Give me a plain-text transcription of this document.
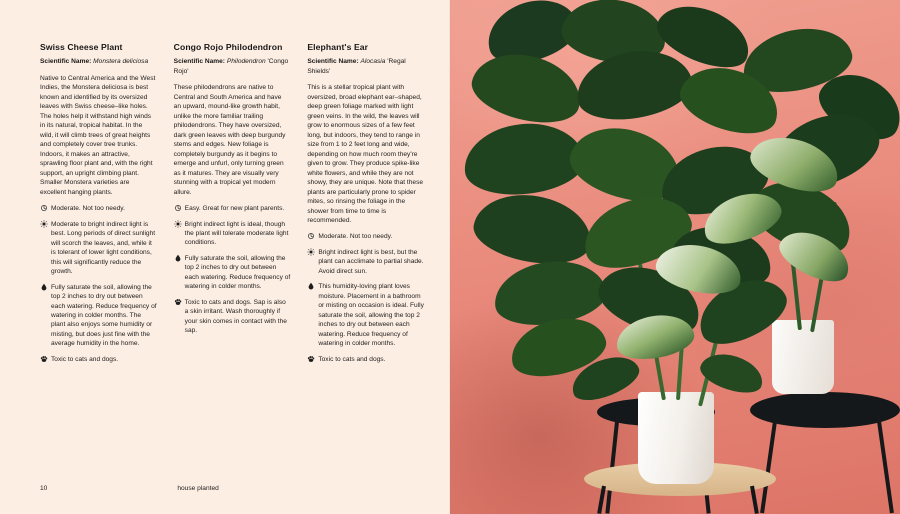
Swiss Cheese Plant

Scientific Name: Monstera deliciosa

Native to Central America and the West Indies, the Monstera deliciosa is best known and identified by its oversized leaves with Swiss cheese–like holes. The holes help it withstand high winds in its natural, tropical habitat. In the wild, it will climb trees of great heights and completely cover tree trunks. Indoors, it makes an attractive, sprawling floor plant and, with the right support, an upright climbing plant. Smaller Monstera varieties are excellent hanging plants.

Moderate. Not too needy.
Moderate to bright indirect light is best. Long periods of direct sunlight will scorch the leaves, and, while it is tolerant of lower light conditions, this will significantly reduce the growth.
Fully saturate the soil, allowing the top 2 inches to dry out between each watering. Reduce frequency of watering in colder months. The plant also enjoys some humidity or misting, but does just fine with the average humidity in the home.
Toxic to cats and dogs.
Congo Rojo Philodendron

Scientific Name: Philodendron 'Congo Rojo'

These philodendrons are native to Central and South America and have an upward, mound-like growth habit, unlike the more familiar trailing philodendrons. They have oversized, dark green leaves with deep burgundy stems and edges. New foliage is completely burgundy as it begins to emerge and unfurl, only turning green as it matures. They are visually very stunning with a tropical yet modern allure.

Easy. Great for new plant parents.
Bright indirect light is ideal, though the plant will tolerate moderate light conditions.
Fully saturate the soil, allowing the top 2 inches to dry out between each watering. Reduce frequency of watering in colder months.
Toxic to cats and dogs. Sap is also a skin irritant. Wash thoroughly if your skin comes in contact with the sap.
Elephant's Ear

Scientific Name: Alocasia 'Regal Shields'

This is a stellar tropical plant with oversized, broad elephant ear–shaped, deep green foliage marked with light green veins. In the wild, the leaves will grow to enormous sizes of a few feet long, but indoors, they tend to range in size from 1 to 2 feet long and wide, depending on how much room they're given to grow. They produce spike-like white flowers, and while they are not showy, they are unique. Note that these plants are particularly prone to spider mites, so rinsing the foliage in the shower from time to time is recommended.

Moderate. Not too needy.
Bright indirect light is best, but the plant can acclimate to partial shade. Avoid direct sun.
This humidity-loving plant loves moisture. Placement in a bathroom or misting on occasion is ideal. Fully saturate the soil, allowing the top 2 inches to dry out between each watering. Reduce frequency of watering in colder months.
Toxic to cats and dogs.
10	house planted
